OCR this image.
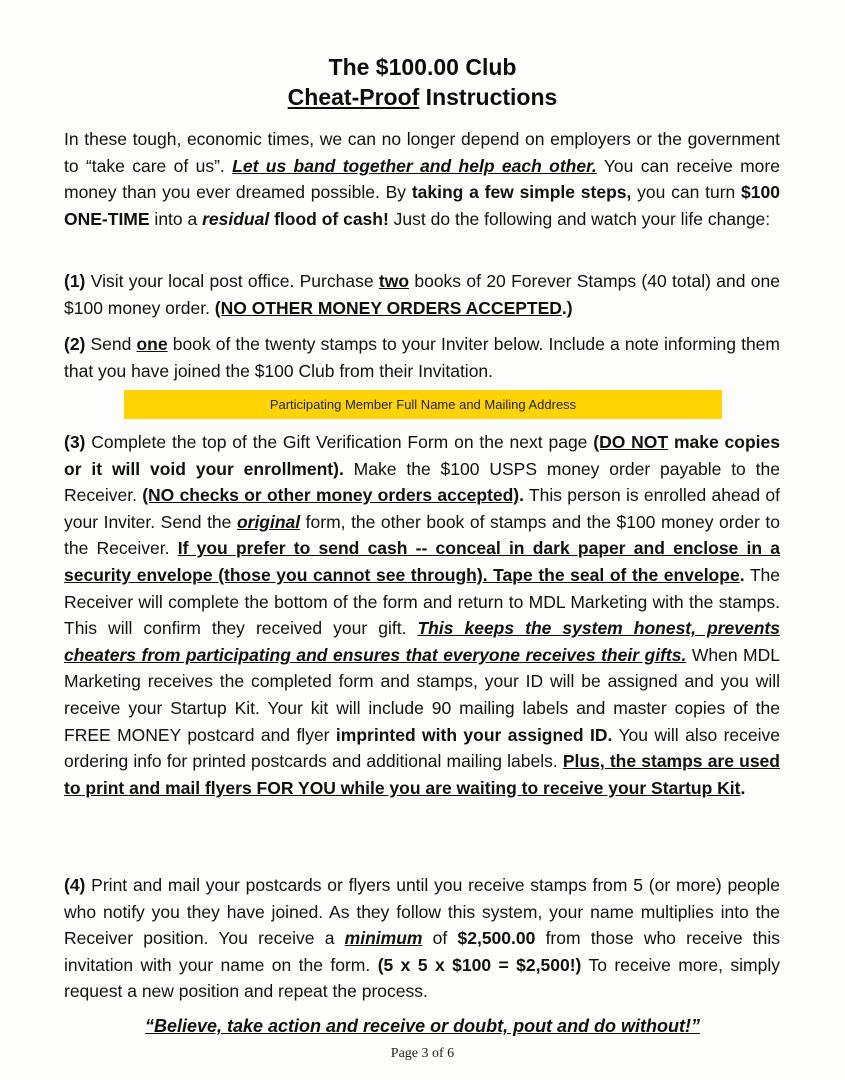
The $100.00 Club
Cheat-Proof Instructions

In these tough, economic times, we can no longer depend on employers or the government to “take care of us”. Let us band together and help each other. You can receive more money than you ever dreamed possible. By taking a few simple steps, you can turn $100 ONE-TIME into a residual flood of cash! Just do the following and watch your life change:

(1) Visit your local post office. Purchase two books of 20 Forever Stamps (40 total) and one $100 money order. (NO OTHER MONEY ORDERS ACCEPTED.)

(2) Send one book of the twenty stamps to your Inviter below. Include a note informing them that you have joined the $100 Club from their Invitation.

Participating Member Full Name and Mailing Address

(3) Complete the top of the Gift Verification Form on the next page (DO NOT make copies or it will void your enrollment). Make the $100 USPS money order payable to the Receiver. (NO checks or other money orders accepted). This person is enrolled ahead of your Inviter. Send the original form, the other book of stamps and the $100 money order to the Receiver. If you prefer to send cash -- conceal in dark paper and enclose in a security envelope (those you cannot see through). Tape the seal of the envelope. The Receiver will complete the bottom of the form and return to MDL Marketing with the stamps. This will confirm they received your gift. This keeps the system honest, prevents cheaters from participating and ensures that everyone receives their gifts. When MDL Marketing receives the completed form and stamps, your ID will be assigned and you will receive your Startup Kit. Your kit will include 90 mailing labels and master copies of the FREE MONEY postcard and flyer imprinted with your assigned ID. You will also receive ordering info for printed postcards and additional mailing labels. Plus, the stamps are used to print and mail flyers FOR YOU while you are waiting to receive your Startup Kit.

(4) Print and mail your postcards or flyers until you receive stamps from 5 (or more) people who notify you they have joined. As they follow this system, your name multiplies into the Receiver position. You receive a minimum of $2,500.00 from those who receive this invitation with your name on the form. (5 x 5 x $100 = $2,500!) To receive more, simply request a new position and repeat the process.

“Believe, take action and receive or doubt, pout and do without!”
Page 3 of 6
